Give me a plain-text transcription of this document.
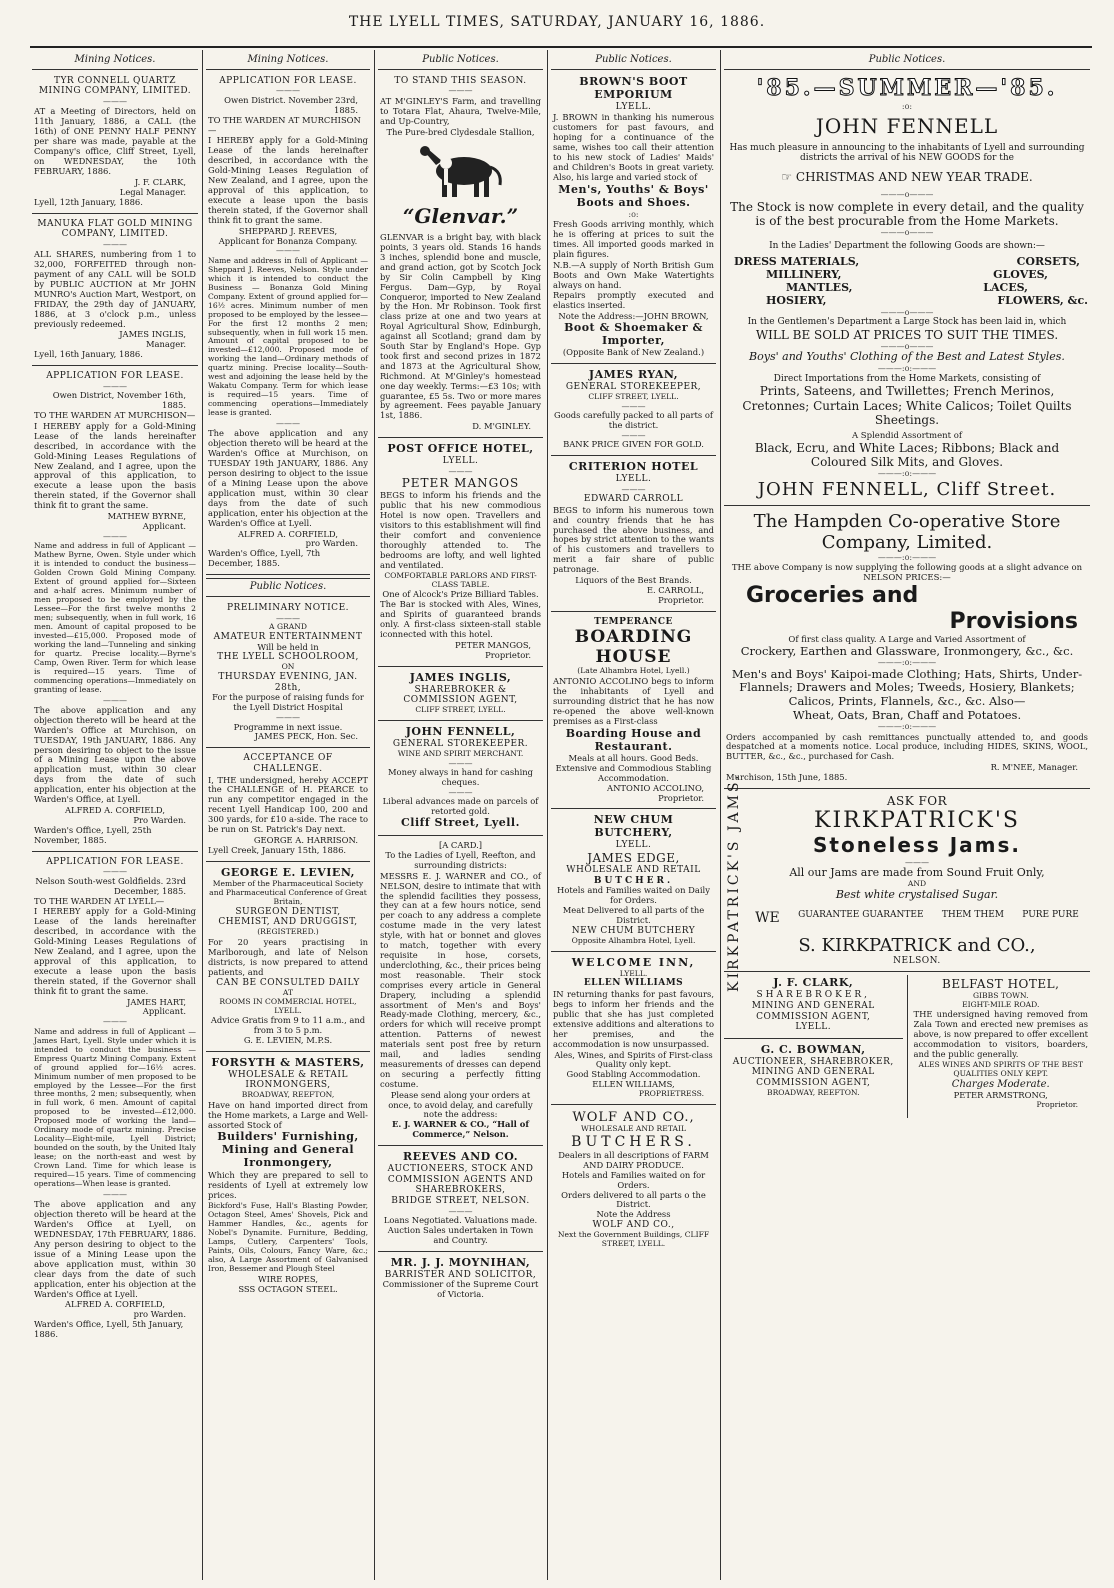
THE LYELL TIMES, SATURDAY, JANUARY 16, 1886.
Mining Notices.
TYR CONNELL QUARTZ MINING COMPANY, LIMITED.
———
AT a Meeting of Directors, held on 11th January, 1886, a CALL (the 16th) of ONE PENNY HALF PENNY per share was made, payable at the Company's office, Cliff Street, Lyell, on WEDNESDAY, the 10th FEBRUARY, 1886.
J. F. CLARK,
Legal Manager.
Lyell, 12th January, 1886.
MANUKA FLAT GOLD MINING COMPANY, LIMITED.
———
ALL SHARES, numbering from 1 to 32,000, FORFEITED through non-payment of any CALL will be SOLD by PUBLIC AUCTION at Mr JOHN MUNRO's Auction Mart, Westport, on FRIDAY, the 29th day of JANUARY, 1886, at 3 o'clock p.m., unless previously redeemed.
JAMES INGLIS,
Manager.
Lyell, 16th January, 1886.
APPLICATION FOR LEASE.
———
Owen District, November 16th, 1885.
TO THE WARDEN AT MURCHISON—
I HEREBY apply for a Gold-Mining Lease of the lands hereinafter described, in accordance with the Gold-Mining Leases Regulations of New Zealand, and I agree, upon the approval of this application, to execute a lease upon the basis therein stated, if the Governor shall think fit to grant the same.
MATHEW BYRNE,
Applicant.
———
Name and address in full of Applicant —Mathew Byrne, Owen. Style under which it is intended to conduct the business—Golden Crown Gold Mining Company. Extent of ground applied for—Sixteen and a-half acres. Minimum number of men proposed to be employed by the Lessee—For the first twelve months 2 men; subsequently, when in full work, 16 men. Amount of capital proposed to be invested—£15,000. Proposed mode of working the land—Tunneling and sinking for quartz. Precise locality.—Byrne's Camp, Owen River. Term for which lease is required—15 years. Time of commencing operations—Immediately on granting of lease.
———
The above application and any objection thereto will be heard at the Warden's Office at Murchison, on TUESDAY, 19th JANUARY, 1886. Any person desiring to object to the issue of a Mining Lease upon the above application must, within 30 clear days from the date of such application, enter his objection at the Warden's Office, at Lyell.
ALFRED A. CORFIELD,
Pro Warden.
Warden's Office, Lyell, 25th November, 1885.
APPLICATION FOR LEASE.
———
Nelson South-west Goldfields. 23rd December, 1885.
TO THE WARDEN AT LYELL—
I HEREBY apply for a Gold-Mining Lease of the lands hereinafter described, in accordance with the Gold-Mining Leases Regulations of New Zealand, and I agree, upon the approval of this application, to execute a lease upon the basis therein stated, if the Governor shall think fit to grant the same.
JAMES HART,
Applicant.
———
Name and address in full of Applicant —James Hart, Lyell. Style under which it is intended to conduct the business — Empress Quartz Mining Company. Extent of ground applied for—16½ acres. Minimum number of men proposed to be employed by the Lessee—For the first three months, 2 men; subsequently, when in full work, 6 men. Amount of capital proposed to be invested—£12,000. Proposed mode of working the land—Ordinary mode of quartz mining. Precise Locality—Eight-mile, Lyell District; bounded on the south, by the United Italy lease; on the north-east and west by Crown Land. Time for which lease is required—15 years. Time of commencing operations—When lease is granted.
———
The above application and any objection thereto will be heard at the Warden's Office at Lyell, on WEDNESDAY, 17th FEBRUARY, 1886. Any person desiring to object to the issue of a Mining Lease upon the above application must, within 30 clear days from the date of such application, enter his objection at the Warden's Office at Lyell.
ALFRED A. CORFIELD,
pro Warden.
Warden's Office, Lyell, 5th January, 1886.
Mining Notices.
APPLICATION FOR LEASE.
———
Owen District. November 23rd, 1885.
TO THE WARDEN AT MURCHISON—
I HEREBY apply for a Gold-Mining Lease of the lands hereinafter described, in accordance with the Gold-Mining Leases Regulation of New Zealand, and I agree, upon the approval of this application, to execute a lease upon the basis therein stated, if the Governor shall think fit to grant the same.
SHEPPARD J. REEVES,
Applicant for Bonanza Company.
———
Name and address in full of Applicant —Sheppard J. Reeves, Nelson. Style under which it is intended to conduct the Business — Bonanza Gold Mining Company. Extent of ground applied for—16½ acres. Minimum number of men proposed to be employed by the lessee—For the first 12 months 2 men; subsequently, when in full work 15 men. Amount of capital proposed to be invested—£12,000. Proposed mode of working the land—Ordinary methods of quartz mining. Precise locality—South-west and adjoining the lease held by the Wakatu Company. Term for which lease is required—15 years. Time of commencing operations—Immediately lease is granted.
———
The above application and any objection thereto will be heard at the Warden's Office at Murchison, on TUESDAY 19th JANUARY, 1886. Any person desiring to object to the issue of a Mining Lease upon the above application must, within 30 clear days from the date of such application, enter his objection at the Warden's Office at Lyell.
ALFRED A. CORFIELD,
pro Warden.
Warden's Office, Lyell, 7th December, 1885.
Public Notices.
PRELIMINARY NOTICE.
———
A GRAND
AMATEUR ENTERTAINMENT
Will be held in
THE LYELL SCHOOLROOM,
ON
THURSDAY EVENING, JAN. 28th,
For the purpose of raising funds for the Lyell District Hospital
———
Programme in next issue.
JAMES PECK, Hon. Sec.
ACCEPTANCE OF CHALLENGE.
I, THE undersigned, hereby ACCEPT the CHALLENGE of H. PEARCE to run any competitor engaged in the recent Lyell Handicap 100, 200 and 300 yards, for £10 a-side. The race to be run on St. Patrick's Day next.
GEORGE A. HARRISON.
Lyell Creek, January 15th, 1886.
GEORGE E. LEVIEN,
Member of the Pharmaceutical Society and Pharmaceutical Conference of Great Britain,
SURGEON DENTIST, CHEMIST, AND DRUGGIST,
(REGISTERED.)
For 20 years practising in Marlborough, and late of Nelson districts, is now prepared to attend patients, and
CAN BE CONSULTED DAILY
AT
ROOMS IN COMMERCIAL HOTEL, LYELL.
Advice Gratis from 9 to 11 a.m., and from 3 to 5 p.m.
G. E. LEVIEN, M.P.S.
FORSYTH & MASTERS,
WHOLESALE & RETAIL IRONMONGERS,
BROADWAY, REEFTON,
Have on hand imported direct from the Home markets, a Large and Well-assorted Stock of
Builders' Furnishing, Mining and General Ironmongery,
Which they are prepared to sell to residents of Lyell at extremely low prices.
Bickford's Fuse, Hall's Blasting Powder, Octagon Steel, Ames' Shovels, Pick and Hammer Handles, &c., agents for Nobel's Dynamite. Furniture, Bedding, Lamps, Cutlery, Carpenters' Tools, Paints, Oils, Colours, Fancy Ware, &c.; also, A Large Assortment of Galvanised Iron, Bessemer and Plough Steel
WIRE ROPES,
SSS OCTAGON STEEL.
Public Notices.
TO STAND THIS SEASON.
———
AT M'GINLEY'S Farm, and travelling to Totara Flat, Ahaura, Twelve-Mile, and Up-Country,
The Pure-bred Clydesdale Stallion,
“Glenvar.”
GLENVAR is a bright bay, with black points, 3 years old. Stands 16 hands 3 inches, splendid bone and muscle, and grand action, got by Scotch Jock by Sir Colin Campbell by King Fergus. Dam—Gyp, by Royal Conqueror, imported to New Zealand by the Hon. Mr Robinson. Took first class prize at one and two years at Royal Agricultural Show, Edinburgh, against all Scotland; grand dam by South Star by England's Hope. Gyp took first and second prizes in 1872 and 1873 at the Agricultural Show, Richmond. At M'Ginley's homestead one day weekly. Terms:—£3 10s; with guarantee, £5 5s. Two or more mares by agreement. Fees payable January 1st, 1886.
D. M'GINLEY.
POST OFFICE HOTEL,
LYELL.
———
PETER MANGOS
BEGS to inform his friends and the public that his new commodious Hotel is now open. Travellers and visitors to this establishment will find their comfort and convenience thoroughly attended to. The bedrooms are lofty, and well lighted and ventilated.
COMFORTABLE PARLORS AND FIRST-CLASS TABLE.
One of Alcock's Prize Billiard Tables.
The Bar is stocked with Ales, Wines, and Spirits of guaranteed brands only. A first-class sixteen-stall stable iconnected with this hotel.
PETER MANGOS,
Proprietor.
JAMES INGLIS,
SHAREBROKER & COMMISSION AGENT,
CLIFF STREET, LYELL.
JOHN FENNELL,
GENERAL STOREKEEPER.
WINE AND SPIRIT MERCHANT.
———
Money always in hand for cashing cheques.
———
Liberal advances made on parcels of retorted gold.
Cliff Street, Lyell.
[A CARD.]
To the Ladies of Lyell, Reefton, and surrounding districts:
MESSRS E. J. WARNER and CO., of NELSON, desire to intimate that with the splendid facilities they possess, they can at a few hours notice, send per coach to any address a complete costume made in the very latest style, with hat or bonnet and gloves to match, together with every requisite in hose, corsets, underclothing, &c., their prices being most reasonable. Their stock comprises every article in General Drapery, including a splendid assortment of Men's and Boys' Ready-made Clothing, mercery, &c., orders for which will receive prompt attention. Patterns of newest materials sent post free by return mail, and ladies sending measurements of dresses can depend on securing a perfectly fitting costume.
Please send along your orders at once, to avoid delay, and carefully note the address:
E. J. WARNER & CO., “Hall of Commerce,” Nelson.
REEVES AND CO.
AUCTIONEERS, STOCK AND COMMISSION AGENTS AND SHAREBROKERS,
BRIDGE STREET, NELSON.
———
Loans Negotiated. Valuations made. Auction Sales undertaken in Town and Country.
MR. J. J. MOYNIHAN,
BARRISTER AND SOLICITOR,
Commissioner of the Supreme Court of Victoria.
Public Notices.
BROWN'S BOOT EMPORIUM
LYELL.
J. BROWN in thanking his numerous customers for past favours, and hoping for a continuance of the same, wishes too call their attention to his new stock of Ladies' Maids' and Children's Boots in great variety. Also, his large and varied stock of
Men's, Youths' & Boys' Boots and Shoes.
:o:
Fresh Goods arriving monthly, which he is offering at prices to suit the times. All imported goods marked in plain figures.
N.B.—A supply of North British Gum Boots and Own Make Watertights always on hand.
Repairs promptly executed and elastics inserted.
Note the Address:—JOHN BROWN,
Boot & Shoemaker & Importer,
(Opposite Bank of New Zealand.)
JAMES RYAN,
GENERAL STOREKEEPER,
CLIFF STREET, LYELL.
———
Goods carefully packed to all parts of the district.
———
BANK PRICE GIVEN FOR GOLD.
CRITERION HOTEL
LYELL.
———
EDWARD CARROLL
BEGS to inform his numerous town and country friends that he has purchased the above business, and hopes by strict attention to the wants of his customers and travellers to merit a fair share of public patronage.
Liquors of the Best Brands.
E. CARROLL,
Proprietor.
TEMPERANCE
BOARDING HOUSE
(Late Alhambra Hotel, Lyell.)
ANTONIO ACCOLINO begs to inform the inhabitants of Lyell and surrounding district that he has now re-opened the above well-known premises as a First-class
Boarding House and Restaurant.
Meals at all hours. Good Beds. Extensive and Commodious Stabling Accommodation.
ANTONIO ACCOLINO,
Proprietor.
NEW CHUM BUTCHERY,
LYELL.
JAMES EDGE,
WHOLESALE AND RETAIL
BUTCHER.
Hotels and Families waited on Daily for Orders.
Meat Delivered to all parts of the District.
NEW CHUM BUTCHERY
Opposite Alhambra Hotel, Lyell.
WELCOME INN,
LYELL.
ELLEN WILLIAMS
IN returning thanks for past favours, begs to inform her friends and the public that she has just completed extensive additions and alterations to her premises, and the accommodation is now unsurpassed.
Ales, Wines, and Spirits of First-class Quality only kept.
Good Stabling Accommodation.
ELLEN WILLIAMS,
PROPRIETRESS.
WOLF AND CO.,
WHOLESALE AND RETAIL
BUTCHERS.
Dealers in all descriptions of FARM AND DAIRY PRODUCE.
Hotels and Families waited on for Orders.
Orders delivered to all parts o the District.
Note the Address
WOLF AND CO.,
Next the Government Buildings, CLIFF STREET, LYELL.
Public Notices.
'85.—SUMMER—'85.
:o:
JOHN FENNELL
Has much pleasure in announcing to the inhabitants of Lyell and surrounding districts the arrival of his NEW GOODS for the
☞ CHRISTMAS AND NEW YEAR TRADE.
———o———
The Stock is now complete in every detail, and the quality is of the best procurable from the Home Markets.
———o———
In the Ladies' Department the following Goods are shown:—
DRESS MATERIALS,	CORSETS,
MILLINERY,	GLOVES,
MANTLES,	LACES,
HOSIERY,	FLOWERS, &c.
———o———
In the Gentlemen's Department a Large Stock has been laid in, which
WILL BE SOLD AT PRICES TO SUIT THE TIMES.
———o———
Boys' and Youths' Clothing of the Best and Latest Styles.
———:o:———
Direct Importations from the Home Markets, consisting of
Prints, Sateens, and Twillettes; French Merinos, Cretonnes; Curtain Laces; White Calicos; Toilet Quilts Sheetings.
A Splendid Assortment of
Black, Ecru, and White Laces; Ribbons; Black and Coloured Silk Mits, and Gloves.
———:o:———
JOHN FENNELL, Cliff Street.
The Hampden Co-operative Store Company, Limited.
———:o:———
THE above Company is now supplying the following goods at a slight advance on NELSON PRICES:—
Groceries and
Provisions
Of first class quality. A Large and Varied Assortment of
Crockery, Earthen and Glassware, Ironmongery, &c., &c.
———:o:———
Men's and Boys' Kaipoi-made Clothing; Hats, Shirts, Under-Flannels; Drawers and Moles; Tweeds, Hosiery, Blankets; Calicos, Prints, Flannels, &c., &c. Also—
Wheat, Oats, Bran, Chaff and Potatoes.
———:o:———
Orders accompanied by cash remittances punctually attended to, and goods despatched at a moments notice. Local produce, including HIDES, SKINS, WOOL, BUTTER, &c., &c., purchased for Cash.
R. M'NEE, Manager.
Murchison, 15th June, 1885.
KIRKPATRICK'S JAMS.	ASK FOR
KIRKPATRICK'S
Stoneless Jams.
———
All our Jams are made from Sound Fruit Only,
AND
Best white crystalised Sugar.
WE GUARANTEE GUARANTEE THEM THEM PURE PURE
S. KIRKPATRICK and CO.,
NELSON.
J. F. CLARK,
SHAREBROKER,
MINING AND GENERAL COMMISSION AGENT,
LYELL.
G. C. BOWMAN,
AUCTIONEER, SHAREBROKER,
MINING AND GENERAL COMMISSION AGENT,
BROADWAY, REEFTON.
BELFAST HOTEL,
GIBBS TOWN.
EIGHT-MILE ROAD.
THE undersigned having removed from Zala Town and erected new premises as above, is now prepared to offer excellent accommodation to visitors, boarders, and the public generally.
ALES WINES AND SPIRITS OF THE BEST QUALITIES ONLY KEPT.
Charges Moderate.
PETER ARMSTRONG,
Proprietor.
